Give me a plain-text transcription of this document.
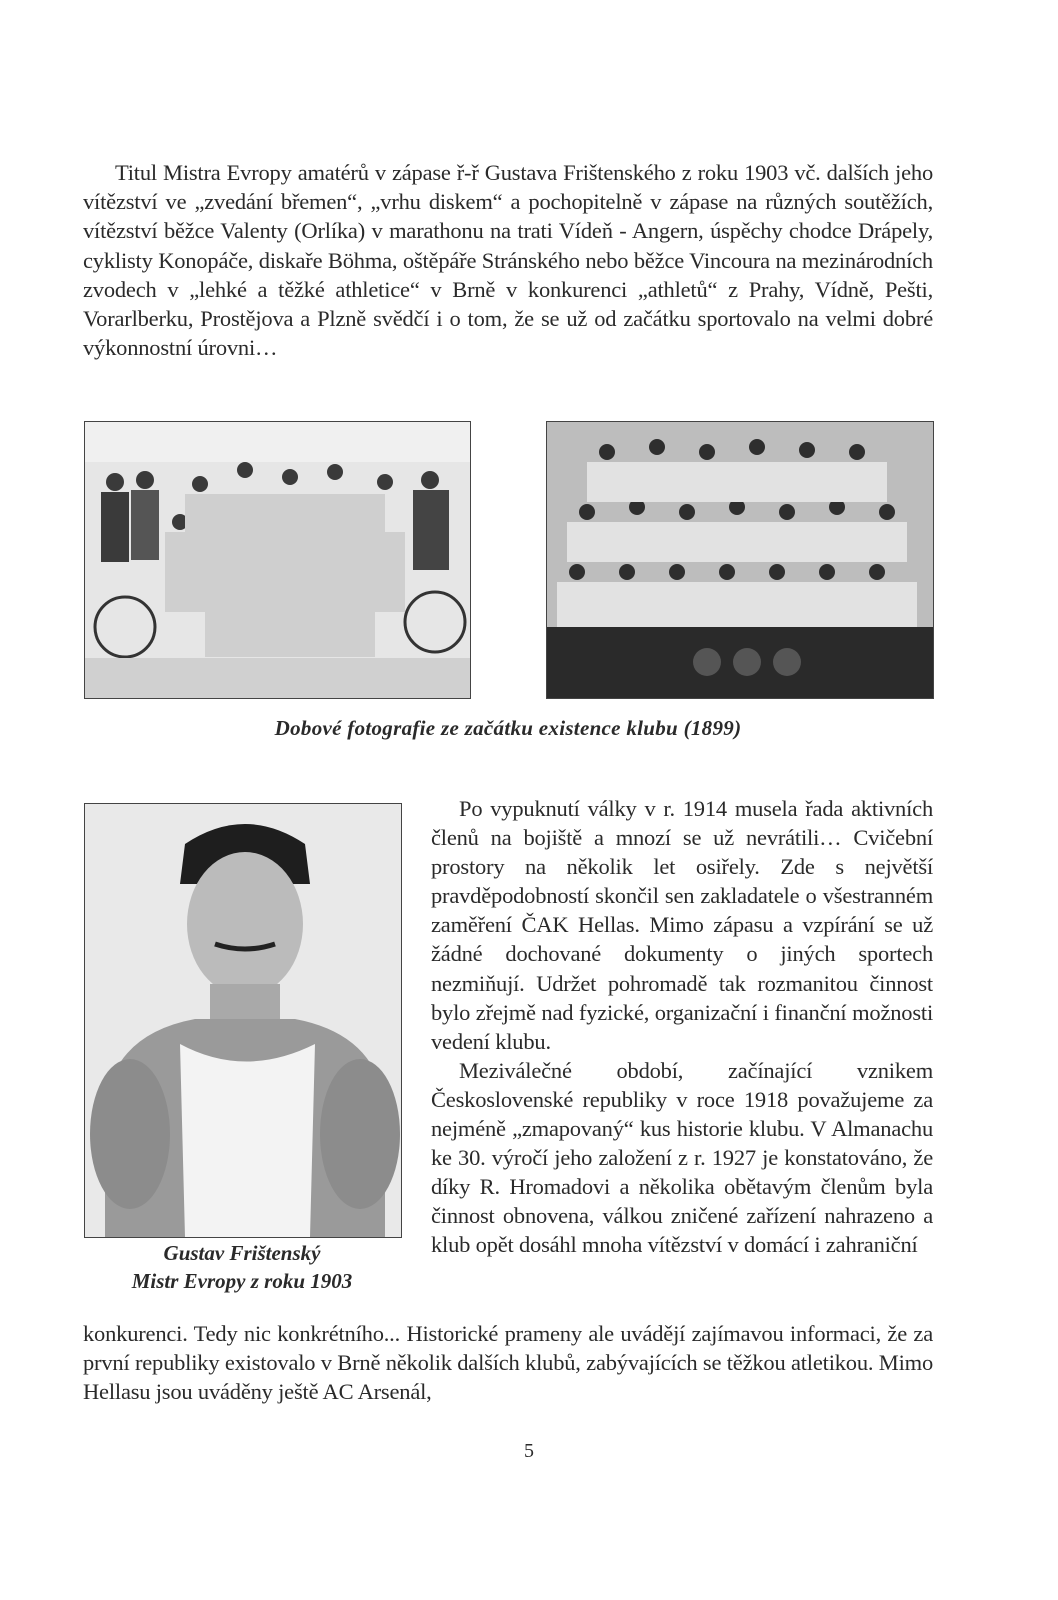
Titul Mistra Evropy amatérů v zápase ř-ř Gustava Frištenského z roku 1903 vč. dalších jeho vítězství ve „zvedání břemen“, „vrhu diskem“ a pochopitelně v zápase na různých soutěžích, vítězství běžce Valenty (Orlíka) v marathonu na trati Vídeň - Angern, úspěchy chodce Drápely, cyklisty Konopáče, diskaře Böhma, oštěpáře Stránského nebo běžce Vincoura na mezinárodních zvodech v „lehké a těžké athletice“ v Brně v konkurenci „athletů“ z Prahy, Vídně, Pešti, Vorarlberku, Prostějova a Plzně svědčí i o tom, že se už od začátku sportovalo na velmi dobré výkonnostní úrovni…
Dobové fotografie ze začátku existence klubu (1899)
Gustav Frištenský
Mistr Evropy z roku 1903

Po vypuknutí války v r. 1914 musela řada aktivních členů na bojiště a mnozí se už nevrátili… Cvičební prostory na několik let osiřely. Zde s největší pravděpodobností skončil sen zakladatele o všestranném zaměření ČAK Hellas. Mimo zápasu a vzpírání se už žádné dochované dokumenty o jiných sportech nezmiňují. Udržet pohromadě tak rozmanitou činnost bylo zřejmě nad fyzické, organizační i finanční možnosti vedení klubu.

Meziválečné období, začínající vznikem Československé republiky v roce 1918 považujeme za nejméně „zmapovaný“ kus historie klubu. V Almanachu ke 30. výročí jeho založení z r. 1927 je konstatováno, že díky R. Hromadovi a několika obětavým členům byla činnost obnovena, válkou zničené zařízení nahrazeno a klub opět dosáhl mnoha vítězství v domácí i zahraniční

konkurenci. Tedy nic konkrétního... Historické prameny ale uvádějí zajímavou informaci, že za první republiky existovalo v Brně několik dalších klubů, zabývajících se těžkou atletikou. Mimo Hellasu jsou uváděny ještě AC Arsenál,
5
